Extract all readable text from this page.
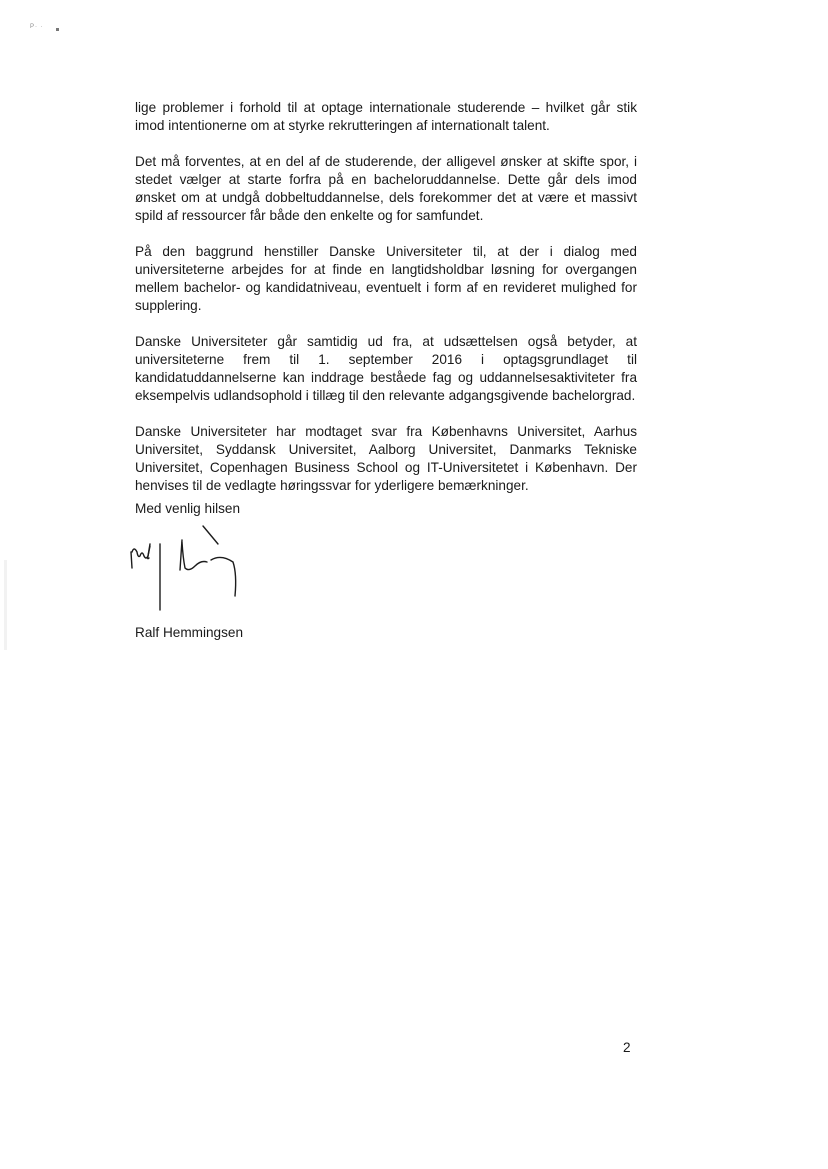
P· ·

lige problemer i forhold til at optage internationale studerende – hvilket går stik imod intentionerne om at styrke rekrutteringen af internationalt talent.

Det må forventes, at en del af de studerende, der alligevel ønsker at skifte spor, i stedet vælger at starte forfra på en bacheloruddannelse. Dette går dels imod ønsket om at undgå dobbeltuddannelse, dels forekommer det at være et massivt spild af ressourcer får både den enkelte og for samfundet.

På den baggrund henstiller Danske Universiteter til, at der i dialog med universiteterne arbejdes for at finde en langtidsholdbar løsning for overgangen mellem bachelor- og kandidatniveau, eventuelt i form af en revideret mulighed for supplering.

Danske Universiteter går samtidig ud fra, at udsættelsen også betyder, at universiteterne frem til 1. september 2016 i optagsgrundlaget til kandidatuddannelserne kan inddrage beståede fag og uddannelsesaktiviteter fra eksempelvis udlandsophold i tillæg til den relevante adgangsgivende bachelorgrad.

Danske Universiteter har modtaget svar fra Københavns Universitet, Aarhus Universitet, Syddansk Universitet, Aalborg Universitet, Danmarks Tekniske Universitet, Copenhagen Business School og IT-Universitetet i København. Der henvises til de vedlagte høringssvar for yderligere bemærkninger.

Med venlig hilsen
Ralf Hemmingsen
2
